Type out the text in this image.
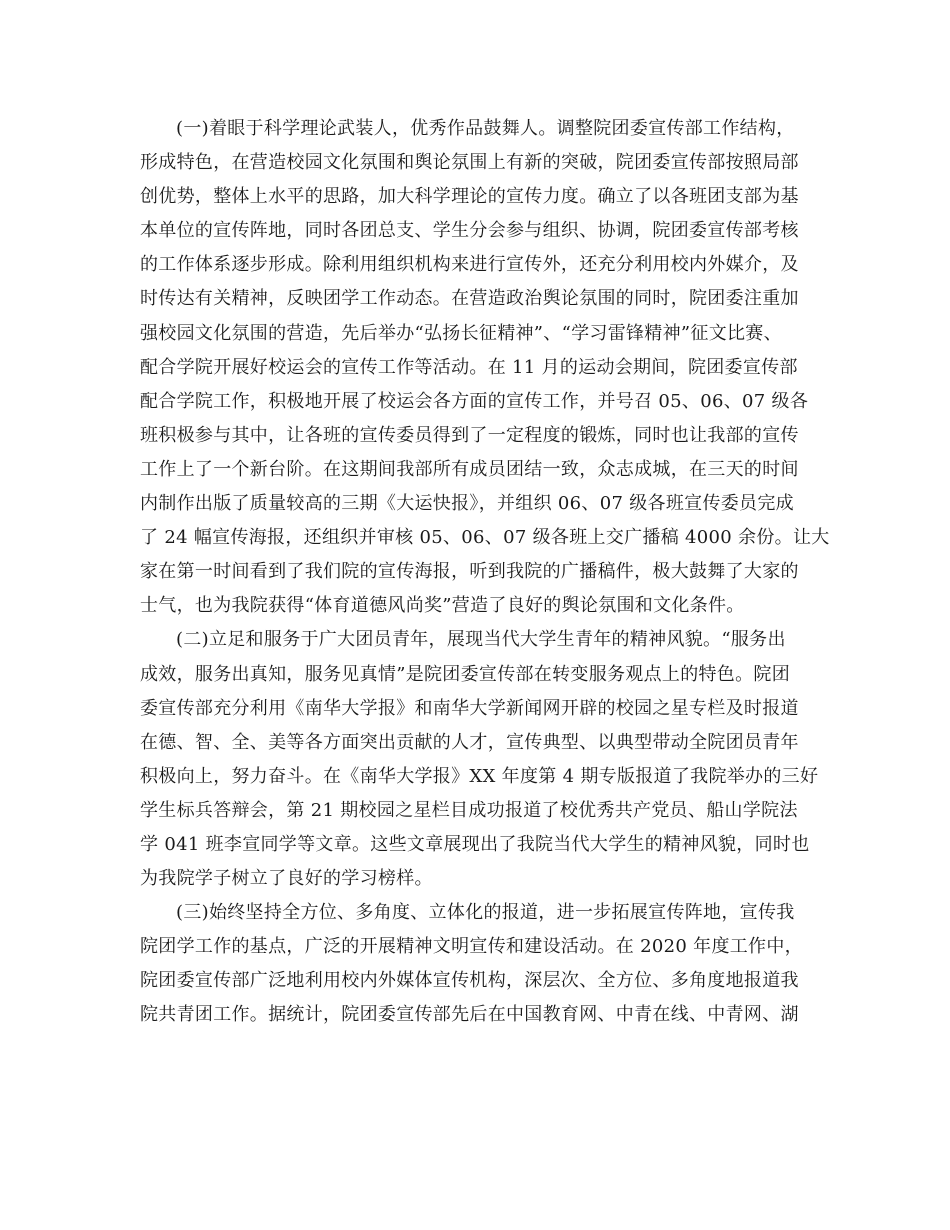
(一)着眼于科学理论武装人，优秀作品鼓舞人。调整院团委宣传部工作结构，
形成特色，在营造校园文化氛围和舆论氛围上有新的突破，院团委宣传部按照局部
创优势，整体上水平的思路，加大科学理论的宣传力度。确立了以各班团支部为基
本单位的宣传阵地，同时各团总支、学生分会参与组织、协调，院团委宣传部考核
的工作体系逐步形成。除利用组织机构来进行宣传外，还充分利用校内外媒介，及
时传达有关精神，反映团学工作动态。在营造政治舆论氛围的同时，院团委注重加
强校园文化氛围的营造，先后举办“弘扬长征精神”、“学习雷锋精神”征文比赛、
配合学院开展好校运会的宣传工作等活动。在 11 月的运动会期间，院团委宣传部
配合学院工作，积极地开展了校运会各方面的宣传工作，并号召 05、06、07 级各
班积极参与其中，让各班的宣传委员得到了一定程度的锻炼，同时也让我部的宣传
工作上了一个新台阶。在这期间我部所有成员团结一致，众志成城，在三天的时间
内制作出版了质量较高的三期《大运快报》，并组织 06、07 级各班宣传委员完成
了 24 幅宣传海报，还组织并审核 05、06、07 级各班上交广播稿 4000 余份。让大
家在第一时间看到了我们院的宣传海报，听到我院的广播稿件，极大鼓舞了大家的
士气，也为我院获得“体育道德风尚奖”营造了良好的舆论氛围和文化条件。

(二)立足和服务于广大团员青年，展现当代大学生青年的精神风貌。“服务出
成效，服务出真知，服务见真情”是院团委宣传部在转变服务观点上的特色。院团
委宣传部充分利用《南华大学报》和南华大学新闻网开辟的校园之星专栏及时报道
在德、智、全、美等各方面突出贡献的人才，宣传典型、以典型带动全院团员青年
积极向上，努力奋斗。在《南华大学报》XX 年度第 4 期专版报道了我院举办的三好
学生标兵答辩会，第 21 期校园之星栏目成功报道了校优秀共产党员、船山学院法
学 041 班李宣同学等文章。这些文章展现出了我院当代大学生的精神风貌，同时也
为我院学子树立了良好的学习榜样。

(三)始终坚持全方位、多角度、立体化的报道，进一步拓展宣传阵地，宣传我
院团学工作的基点，广泛的开展精神文明宣传和建设活动。在 2020 年度工作中，
院团委宣传部广泛地利用校内外媒体宣传机构，深层次、全方位、多角度地报道我
院共青团工作。据统计，院团委宣传部先后在中国教育网、中青在线、中青网、湖
